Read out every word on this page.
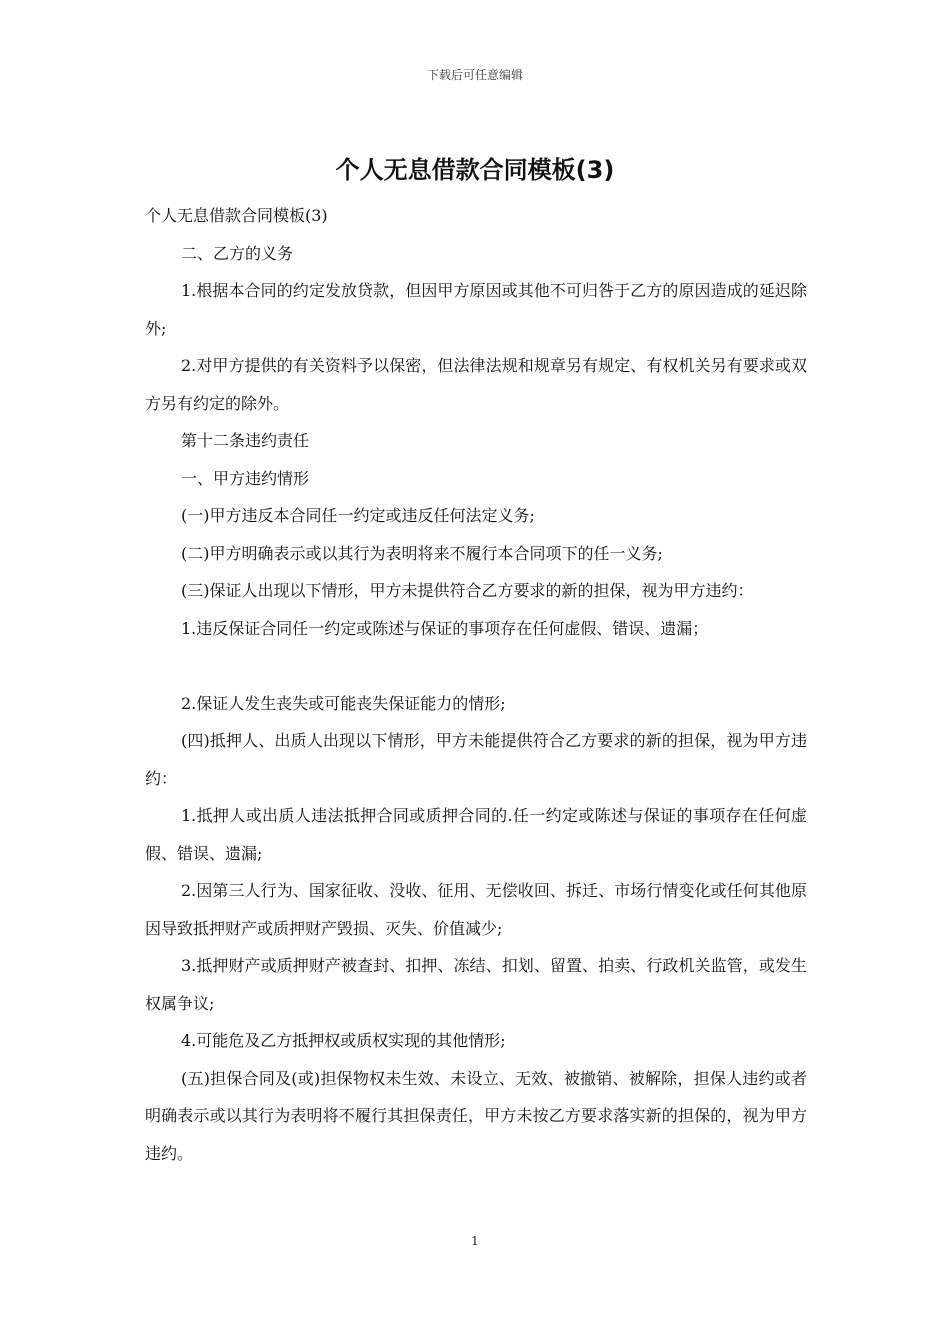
下载后可任意编辑
个人无息借款合同模板(3)

个人无息借款合同模板(3)

二、乙方的义务

1.根据本合同的约定发放贷款，但因甲方原因或其他不可归咎于乙方的原因造成的延迟除外;

2.对甲方提供的有关资料予以保密，但法律法规和规章另有规定、有权机关另有要求或双方另有约定的除外。

第十二条违约责任

一、甲方违约情形

(一)甲方违反本合同任一约定或违反任何法定义务;

(二)甲方明确表示或以其行为表明将来不履行本合同项下的任一义务;

(三)保证人出现以下情形，甲方未提供符合乙方要求的新的担保，视为甲方违约：

1.违反保证合同任一约定或陈述与保证的事项存在任何虚假、错误、遗漏；

2.保证人发生丧失或可能丧失保证能力的情形;

(四)抵押人、出质人出现以下情形，甲方未能提供符合乙方要求的新的担保，视为甲方违约：

1.抵押人或出质人违法抵押合同或质押合同的.任一约定或陈述与保证的事项存在任何虚假、错误、遗漏;

2.因第三人行为、国家征收、没收、征用、无偿收回、拆迁、市场行情变化或任何其他原因导致抵押财产或质押财产毁损、灭失、价值减少;

3.抵押财产或质押财产被查封、扣押、冻结、扣划、留置、拍卖、行政机关监管，或发生权属争议;

4.可能危及乙方抵押权或质权实现的其他情形;

(五)担保合同及(或)担保物权未生效、未设立、无效、被撤销、被解除，担保人违约或者明确表示或以其行为表明将不履行其担保责任，甲方未按乙方要求落实新的担保的，视为甲方违约。

1
